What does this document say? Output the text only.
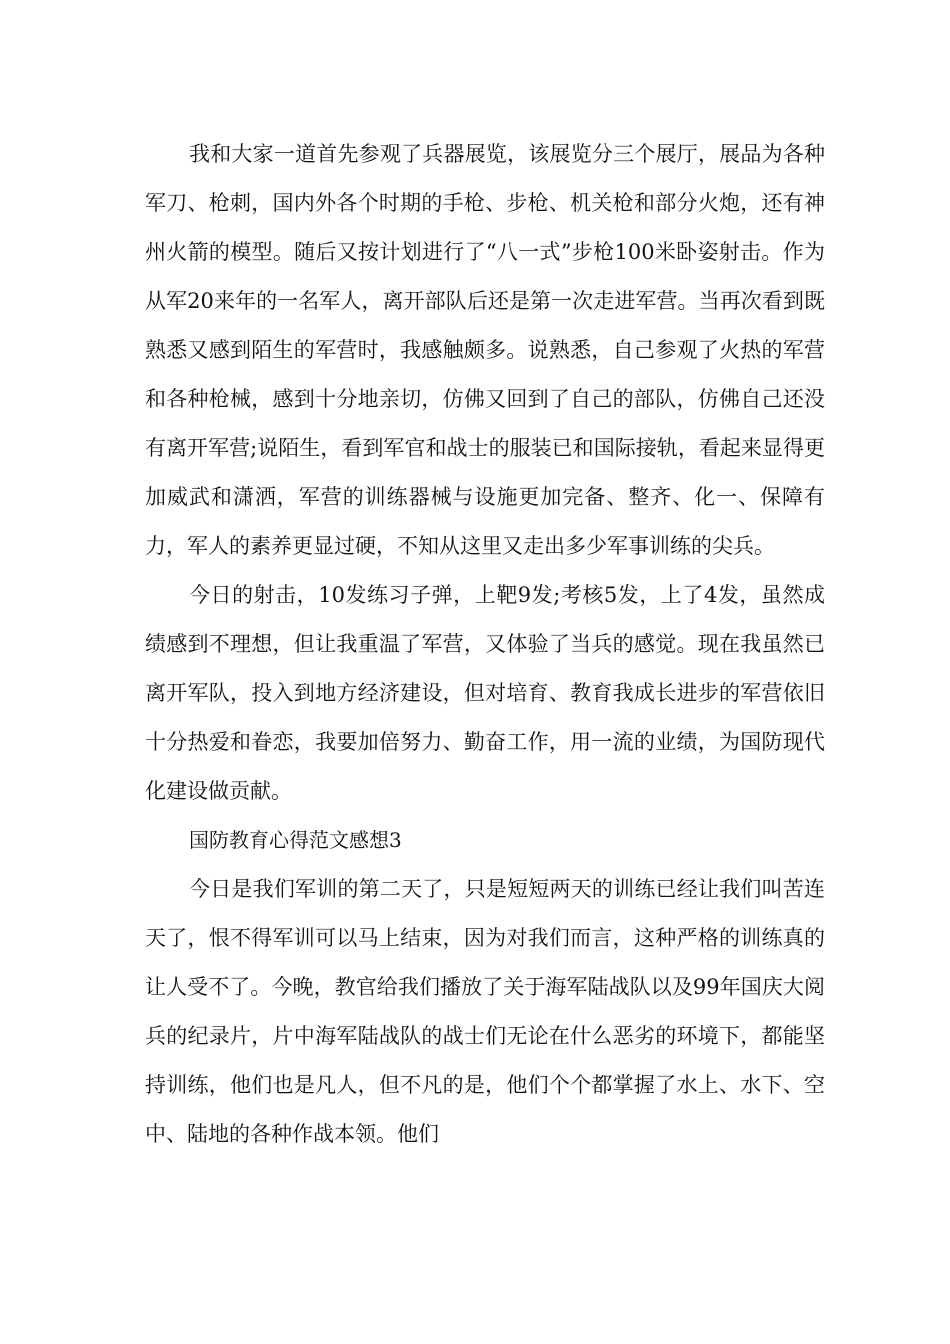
我和大家一道首先参观了兵器展览，该展览分三个展厅，展品为各种军刀、枪刺，国内外各个时期的手枪、步枪、机关枪和部分火炮，还有神州火箭的模型。随后又按计划进行了“八一式”步枪100米卧姿射击。作为从军20来年的一名军人，离开部队后还是第一次走进军营。当再次看到既熟悉又感到陌生的军营时，我感触颇多。说熟悉，自己参观了火热的军营和各种枪械，感到十分地亲切，仿佛又回到了自己的部队，仿佛自己还没有离开军营;说陌生，看到军官和战士的服装已和国际接轨，看起来显得更加威武和潇洒，军营的训练器械与设施更加完备、整齐、化一、保障有力，军人的素养更显过硬，不知从这里又走出多少军事训练的尖兵。

今日的射击，10发练习子弹，上靶9发;考核5发，上了4发，虽然成绩感到不理想，但让我重温了军营，又体验了当兵的感觉。现在我虽然已离开军队，投入到地方经济建设，但对培育、教育我成长进步的军营依旧十分热爱和眷恋，我要加倍努力、勤奋工作，用一流的业绩，为国防现代化建设做贡献。

国防教育心得范文感想3

今日是我们军训的第二天了，只是短短两天的训练已经让我们叫苦连天了，恨不得军训可以马上结束，因为对我们而言，这种严格的训练真的让人受不了。今晚，教官给我们播放了关于海军陆战队以及99年国庆大阅兵的纪录片，片中海军陆战队的战士们无论在什么恶劣的环境下，都能坚持训练，他们也是凡人，但不凡的是，他们个个都掌握了水上、水下、空中、陆地的各种作战本领。他们
